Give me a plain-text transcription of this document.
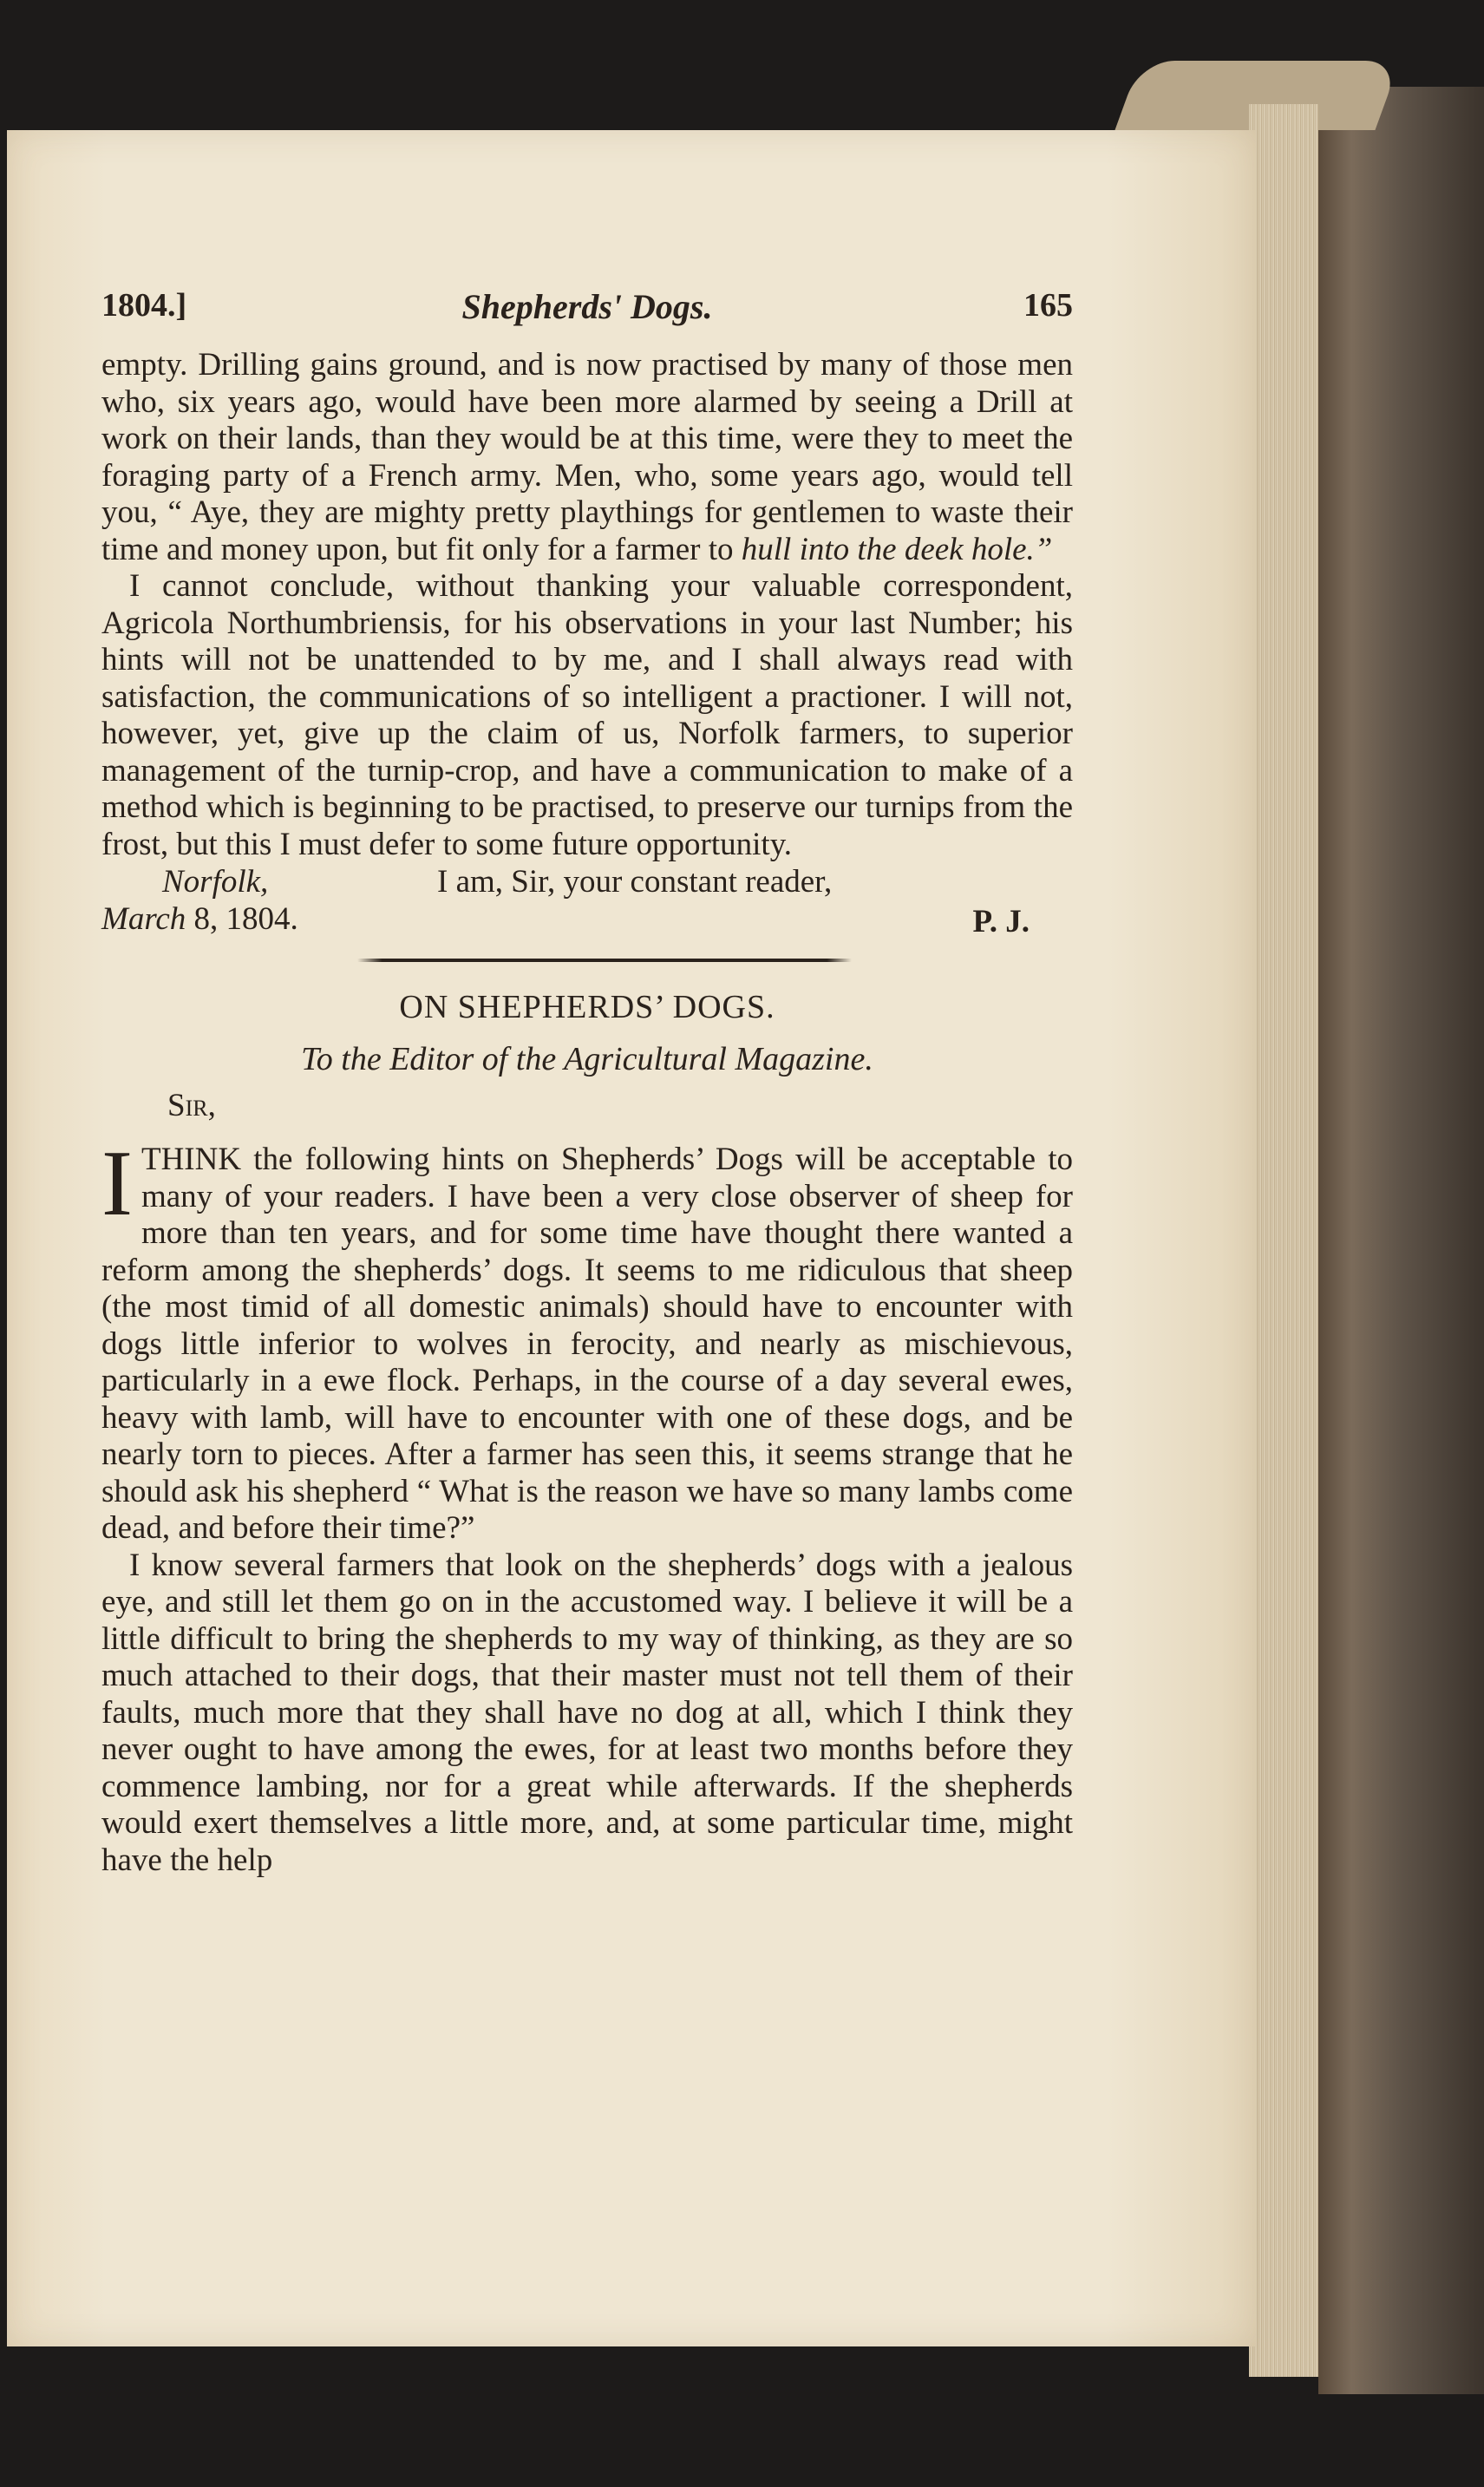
1804.]	Shepherds' Dogs.	165

empty. Drilling gains ground, and is now practised by many of those men who, six years ago, would have been more alarmed by seeing a Drill at work on their lands, than they would be at this time, were they to meet the foraging party of a French army. Men, who, some years ago, would tell you, “ Aye, they are mighty pretty playthings for gentlemen to waste their time and money upon, but fit only for a farmer to hull into the deek hole.”

I cannot conclude, without thanking your valuable correspondent, Agricola Northumbriensis, for his observations in your last Number; his hints will not be unattended to by me, and I shall always read with satisfaction, the communications of so intelligent a practioner. I will not, however, yet, give up the claim of us, Norfolk farmers, to superior management of the turnip-crop, and have a communication to make of a method which is beginning to be practised, to preserve our turnips from the frost, but this I must defer to some future opportunity.

Norfolk,	I am, Sir, your constant reader,
March 8, 1804.	P. J.
ON SHEPHERDS’ DOGS.
To the Editor of the Agricultural Magazine.
Sir,

ITHINK the following hints on Shepherds’ Dogs will be acceptable to many of your readers. I have been a very close observer of sheep for more than ten years, and for some time have thought there wanted a reform among the shepherds’ dogs. It seems to me ridiculous that sheep (the most timid of all domestic animals) should have to encounter with dogs little inferior to wolves in ferocity, and nearly as mischievous, particularly in a ewe flock. Perhaps, in the course of a day several ewes, heavy with lamb, will have to encounter with one of these dogs, and be nearly torn to pieces. After a farmer has seen this, it seems strange that he should ask his shepherd “ What is the reason we have so many lambs come dead, and before their time?”

I know several farmers that look on the shepherds’ dogs with a jealous eye, and still let them go on in the accustomed way. I believe it will be a little difficult to bring the shepherds to my way of thinking, as they are so much attached to their dogs, that their master must not tell them of their faults, much more that they shall have no dog at all, which I think they never ought to have among the ewes, for at least two months before they commence lambing, nor for a great while afterwards. If the shepherds would exert themselves a little more, and, at some particular time, might have the help
